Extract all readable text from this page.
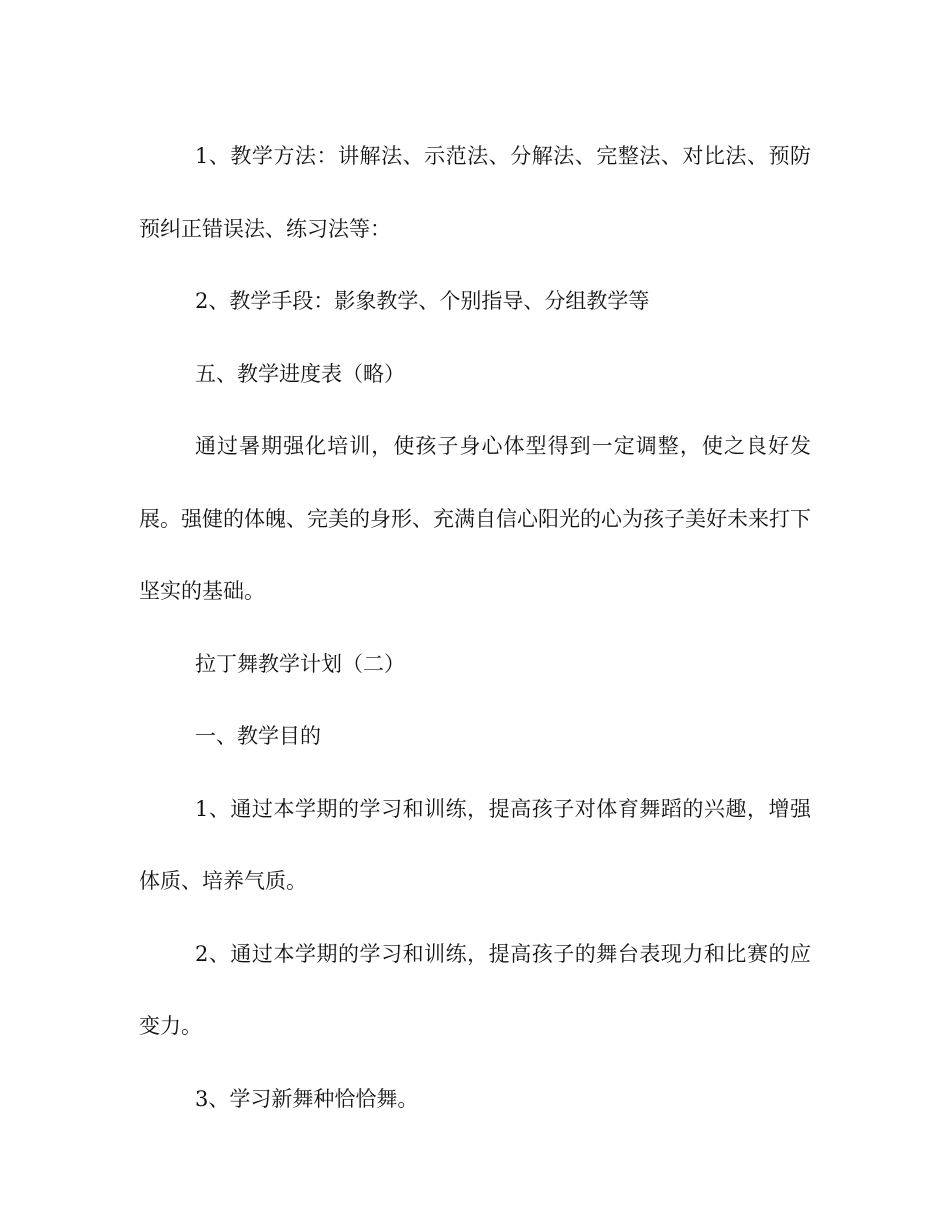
1、教学方法：讲解法、示范法、分解法、完整法、对比法、预防预纠正错误法、练习法等：

2、教学手段：影象教学、个别指导、分组教学等

五、教学进度表（略）

通过暑期强化培训，使孩子身心体型得到一定调整，使之良好发展。强健的体魄、完美的身形、充满自信心阳光的心为孩子美好未来打下坚实的基础。

拉丁舞教学计划（二）

一、教学目的

1、通过本学期的学习和训练，提高孩子对体育舞蹈的兴趣，增强体质、培养气质。

2、通过本学期的学习和训练，提高孩子的舞台表现力和比赛的应变力。

3、学习新舞种恰恰舞。
